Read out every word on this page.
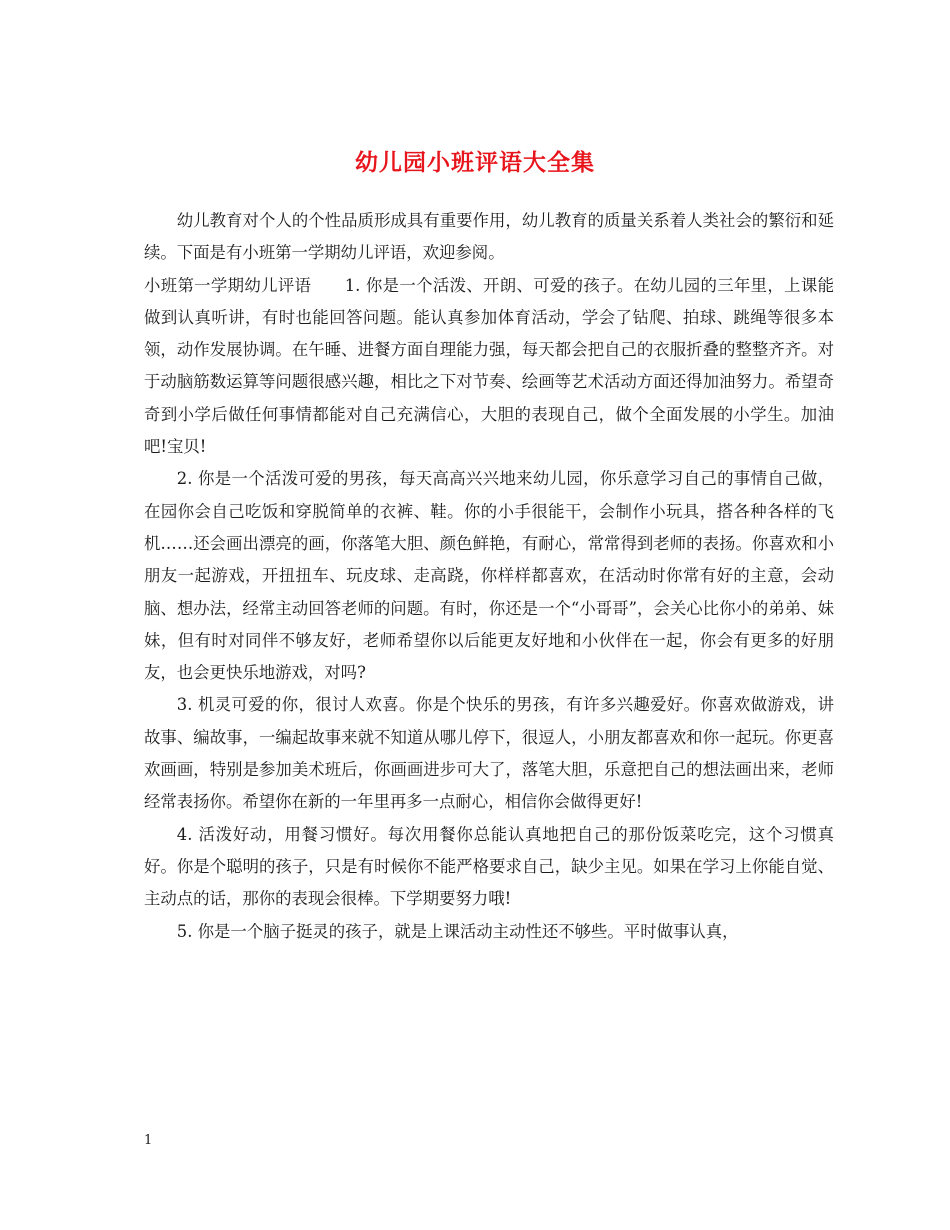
幼儿园小班评语大全集

幼儿教育对个人的个性品质形成具有重要作用，幼儿教育的质量关系着人类社会的繁衍和延续。下面是有小班第一学期幼儿评语，欢迎参阅。

小班第一学期幼儿评语　　1. 你是一个活泼、开朗、可爱的孩子。在幼儿园的三年里，上课能做到认真听讲，有时也能回答问题。能认真参加体育活动，学会了钻爬、拍球、跳绳等很多本领，动作发展协调。在午睡、进餐方面自理能力强，每天都会把自己的衣服折叠的整整齐齐。对于动脑筋数运算等问题很感兴趣，相比之下对节奏、绘画等艺术活动方面还得加油努力。希望奇奇到小学后做任何事情都能对自己充满信心，大胆的表现自己，做个全面发展的小学生。加油吧!宝贝!

2. 你是一个活泼可爱的男孩，每天高高兴兴地来幼儿园，你乐意学习自己的事情自己做，在园你会自己吃饭和穿脱简单的衣裤、鞋。你的小手很能干，会制作小玩具，搭各种各样的飞机……还会画出漂亮的画，你落笔大胆、颜色鲜艳，有耐心，常常得到老师的表扬。你喜欢和小朋友一起游戏，开扭扭车、玩皮球、走高跷，你样样都喜欢，在活动时你常有好的主意，会动脑、想办法，经常主动回答老师的问题。有时，你还是一个“小哥哥”，会关心比你小的弟弟、妹妹，但有时对同伴不够友好，老师希望你以后能更友好地和小伙伴在一起，你会有更多的好朋友，也会更快乐地游戏，对吗?

3. 机灵可爱的你，很讨人欢喜。你是个快乐的男孩，有许多兴趣爱好。你喜欢做游戏，讲故事、编故事，一编起故事来就不知道从哪儿停下，很逗人，小朋友都喜欢和你一起玩。你更喜欢画画，特别是参加美术班后，你画画进步可大了，落笔大胆，乐意把自己的想法画出来，老师经常表扬你。希望你在新的一年里再多一点耐心，相信你会做得更好!

4. 活泼好动，用餐习惯好。每次用餐你总能认真地把自己的那份饭菜吃完，这个习惯真好。你是个聪明的孩子，只是有时候你不能严格要求自己，缺少主见。如果在学习上你能自觉、主动点的话，那你的表现会很棒。下学期要努力哦!

5. 你是一个脑子挺灵的孩子，就是上课活动主动性还不够些。平时做事认真，

1
